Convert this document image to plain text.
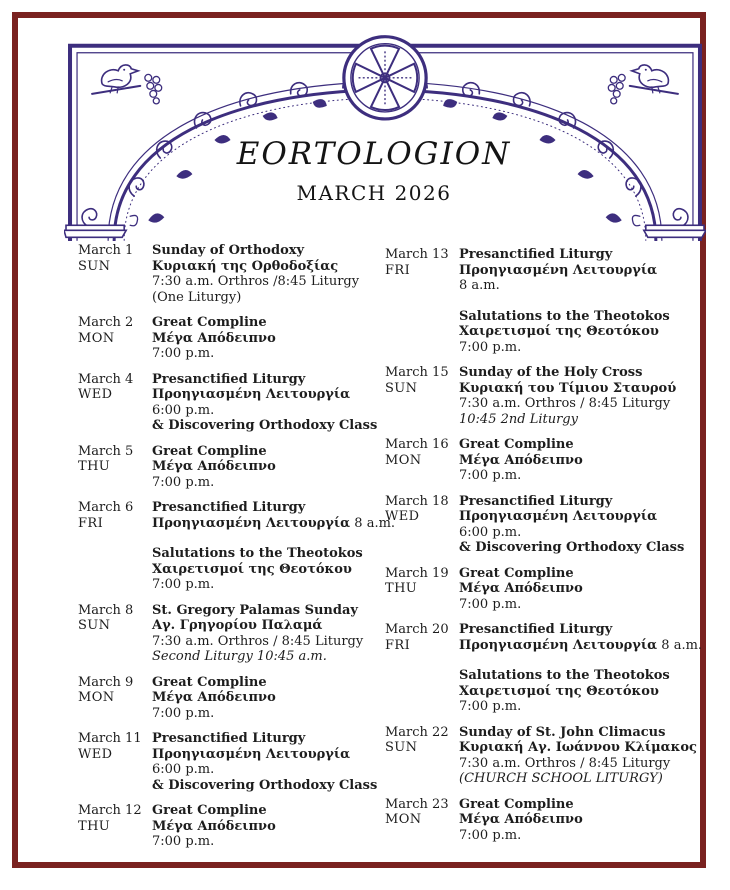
EORTOLOGION
MARCH 2026
March 1
SUN
Sunday of Orthodoxy
Κυριακή της Ορθοδοξίας
7:30 a.m. Orthros /8:45 Liturgy
(One Liturgy)
March 2
MON
Great Compline
Μέγα Απόδειπνο
7:00 p.m.
March 4
WED
Presanctified Liturgy
Προηγιασμένη Λειτουργία
6:00 p.m.
& Discovering Orthodoxy Class
March 5
THU
Great Compline
Μέγα Απόδειπνο
7:00 p.m.
March 6
FRI
Presanctified Liturgy
Προηγιασμένη Λειτουργία 8 a.m.
Salutations to the Theotokos
Χαιρετισμοί της Θεοτόκου
7:00 p.m.
March 8
SUN
St. Gregory Palamas Sunday
Αγ. Γρηγορίου Παλαμά
7:30 a.m. Orthros / 8:45 Liturgy
Second Liturgy 10:45 a.m.
March 9
MON
Great Compline
Μέγα Απόδειπνο
7:00 p.m.
March 11
WED
Presanctified Liturgy
Προηγιασμένη Λειτουργία
6:00 p.m.
& Discovering Orthodoxy Class
March 12
THU
Great Compline
Μέγα Απόδειπνο
7:00 p.m.
March 13
FRI
Presanctified Liturgy
Προηγιασμένη Λειτουργία
8 a.m.
Salutations to the Theotokos
Χαιρετισμοί της Θεοτόκου
7:00 p.m.
March 15
SUN
Sunday of the Holy Cross
Κυριακή του Τίμιου Σταυρού
7:30 a.m. Orthros / 8:45 Liturgy
10:45 2nd Liturgy
March 16
MON
Great Compline
Μέγα Απόδειπνο
7:00 p.m.
March 18
WED
Presanctified Liturgy
Προηγιασμένη Λειτουργία
6:00 p.m.
& Discovering Orthodoxy Class
March 19
THU
Great Compline
Μέγα Απόδειπνο
7:00 p.m.
March 20
FRI
Presanctified Liturgy
Προηγιασμένη Λειτουργία 8 a.m.
Salutations to the Theotokos
Χαιρετισμοί της Θεοτόκου
7:00 p.m.
March 22
SUN
Sunday of St. John Climacus
Κυριακή Αγ. Ιωάννου Κλίμακος
7:30 a.m. Orthros / 8:45 Liturgy
(CHURCH SCHOOL LITURGY)
March 23
MON
Great Compline
Μέγα Απόδειπνο
7:00 p.m.
